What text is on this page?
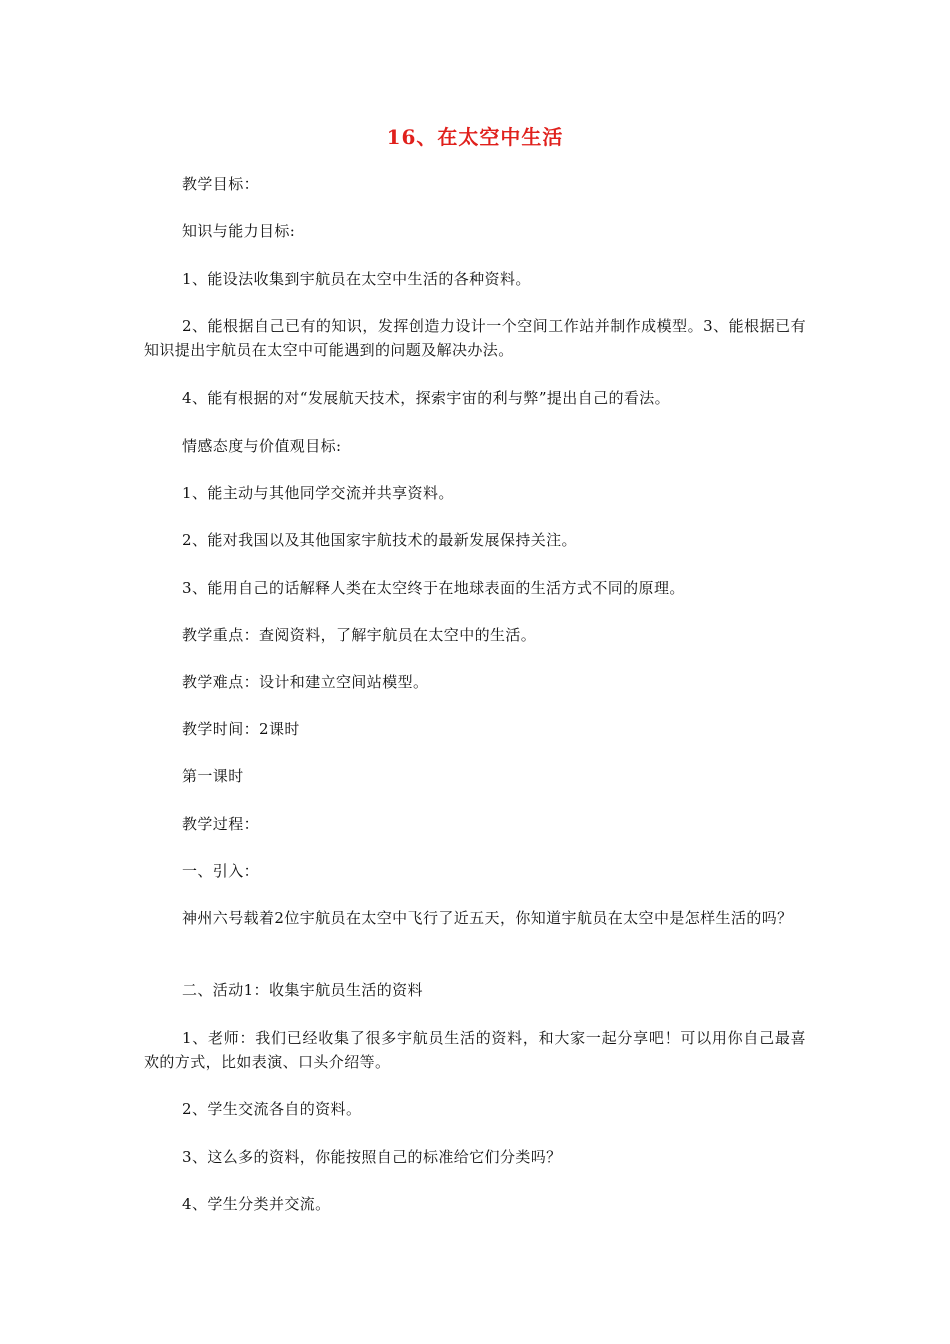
16、在太空中生活

教学目标：

知识与能力目标:

1、能设法收集到宇航员在太空中生活的各种资料。

2、能根据自己已有的知识，发挥创造力设计一个空间工作站并制作成模型。3、能根据已有知识提出宇航员在太空中可能遇到的问题及解决办法。

4、能有根据的对“发展航天技术，探索宇宙的利与弊”提出自己的看法。

情感态度与价值观目标:

1、能主动与其他同学交流并共享资料。

2、能对我国以及其他国家宇航技术的最新发展保持关注。

3、能用自己的话解释人类在太空终于在地球表面的生活方式不同的原理。

教学重点：查阅资料，了解宇航员在太空中的生活。

教学难点：设计和建立空间站模型。

教学时间：2课时

第一课时

教学过程：

一、引入：

神州六号载着2位宇航员在太空中飞行了近五天，你知道宇航员在太空中是怎样生活的吗？

二、活动1：收集宇航员生活的资料

1、老师：我们已经收集了很多宇航员生活的资料，和大家一起分享吧！可以用你自己最喜欢的方式，比如表演、口头介绍等。

2、学生交流各自的资料。

3、这么多的资料，你能按照自己的标准给它们分类吗？

4、学生分类并交流。
